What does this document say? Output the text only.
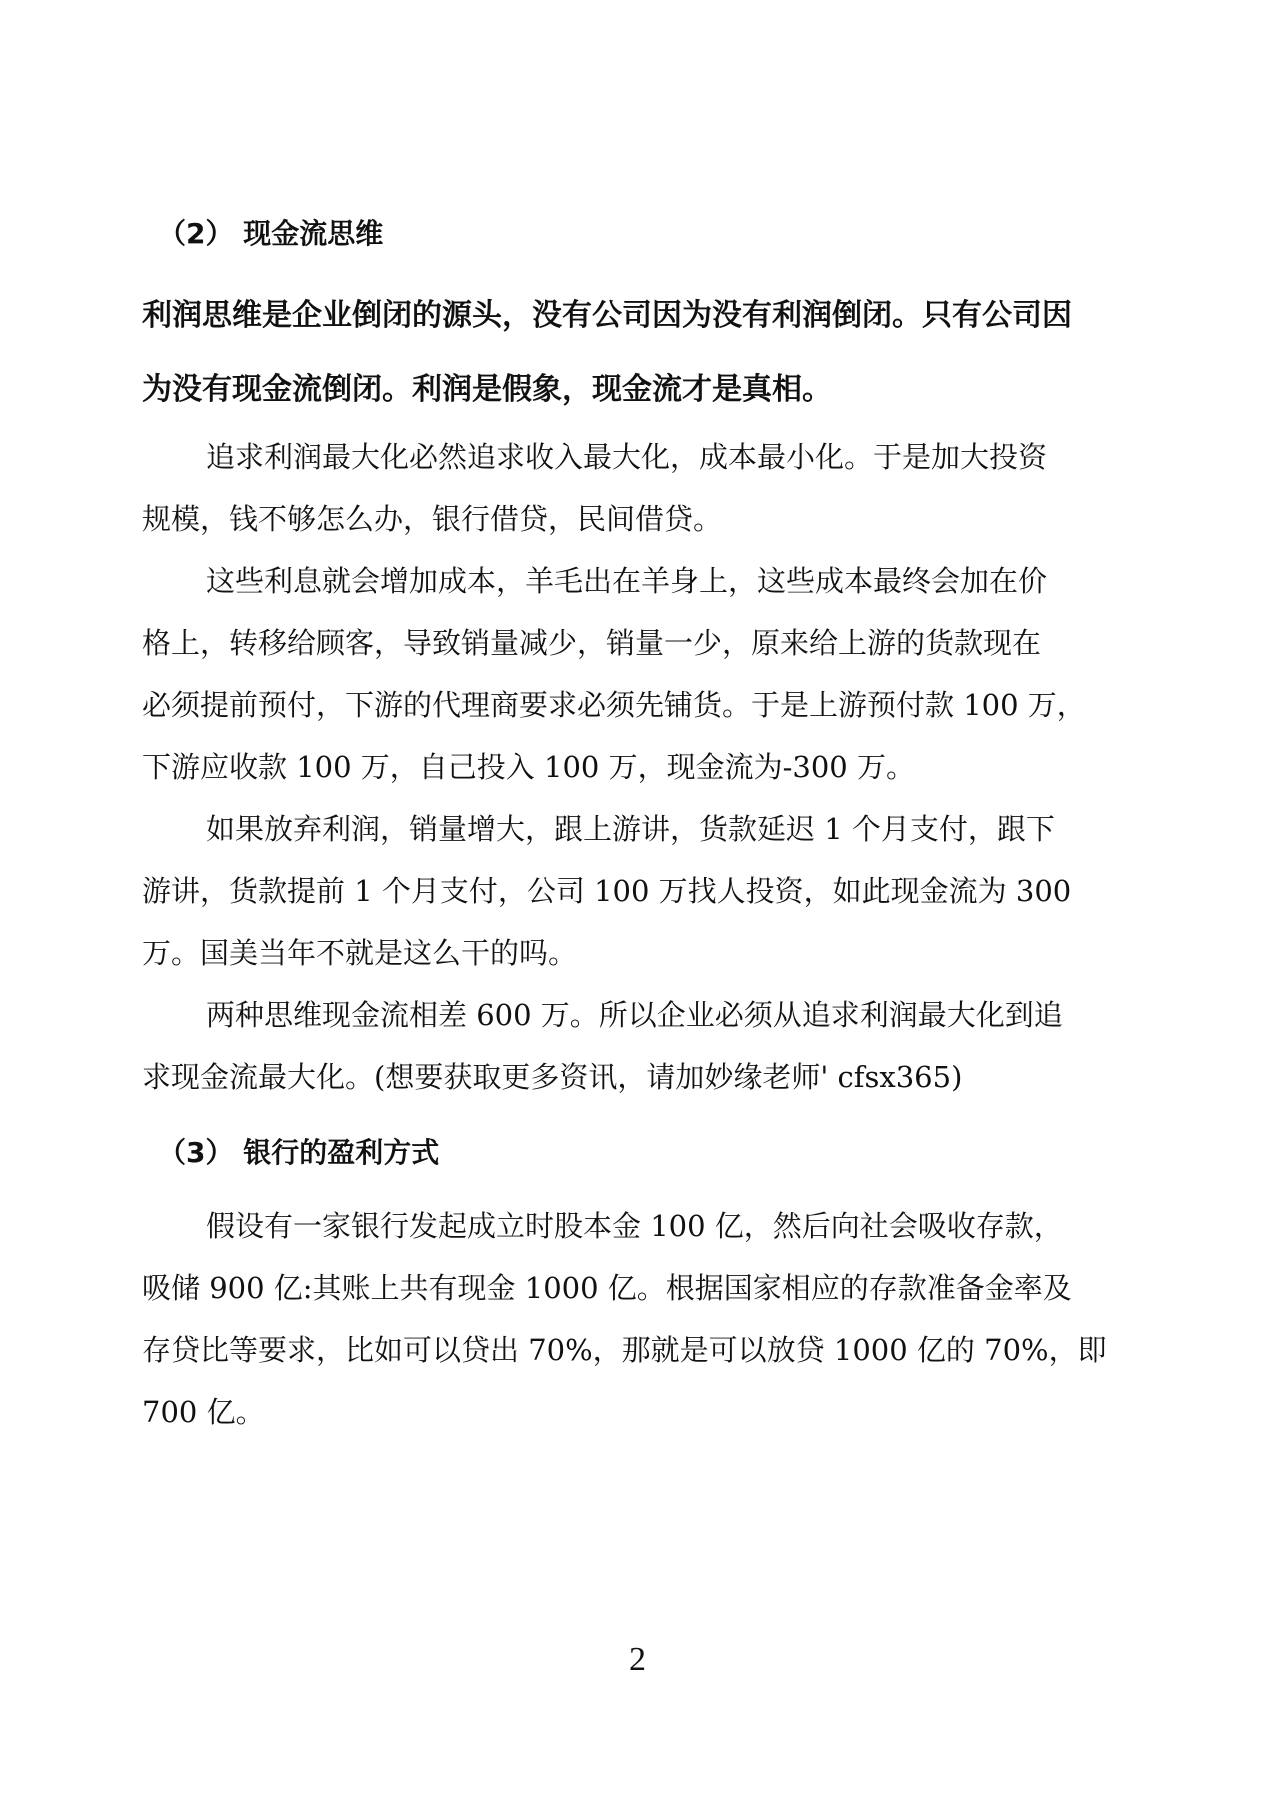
（2） 现金流思维

利润思维是企业倒闭的源头，没有公司因为没有利润倒闭。只有公司因
为没有现金流倒闭。利润是假象，现金流才是真相。

追求利润最大化必然追求收入最大化，成本最小化。于是加大投资
规模，钱不够怎么办，银行借贷，民间借贷。

这些利息就会增加成本，羊毛出在羊身上，这些成本最终会加在价
格上，转移给顾客，导致销量减少，销量一少，原来给上游的货款现在
必须提前预付，下游的代理商要求必须先铺货。于是上游预付款 100 万，
下游应收款 100 万，自己投入 100 万，现金流为-300 万。

如果放弃利润，销量增大，跟上游讲，货款延迟 1 个月支付，跟下
游讲，货款提前 1 个月支付，公司 100 万找人投资，如此现金流为 300
万。国美当年不就是这么干的吗。

两种思维现金流相差 600 万。所以企业必须从追求利润最大化到追
求现金流最大化。(想要获取更多资讯，请加妙缘老师' cfsx365)

（3） 银行的盈利方式

假设有一家银行发起成立时股本金 100 亿，然后向社会吸收存款，
吸储 900 亿:其账上共有现金 1000 亿。根据国家相应的存款准备金率及
存贷比等要求，比如可以贷出 70%，那就是可以放贷 1000 亿的 70%，即
700 亿。

2
